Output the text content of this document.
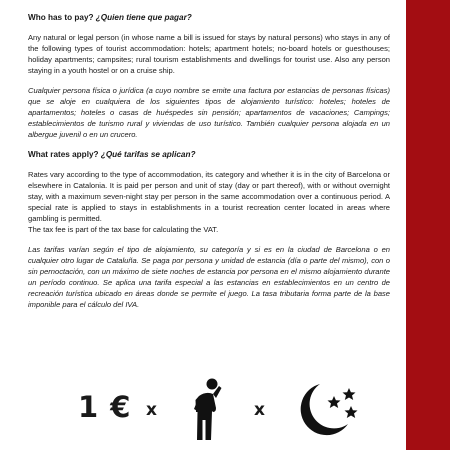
Who has to pay? ¿Quien tiene que pagar?

Any natural or legal person (in whose name a bill is issued for stays by natural persons) who stays in any of the following types of tourist accommodation: hotels; apartment hotels; no-board hotels or guesthouses; holiday apartments; campsites; rural tourism establishments and dwellings for tourist use. Also any person staying in a youth hostel or on a cruise ship.

Cualquier persona física o jurídica (a cuyo nombre se emite una factura por estancias de personas físicas) que se aloje en cualquiera de los siguientes tipos de alojamiento turístico: hoteles; hoteles de apartamentos; hoteles o casas de huéspedes sin pensión; apartamentos de vacaciones; Campings; establecimientos de turismo rural y viviendas de uso turístico. También cualquier persona alojada en un albergue juvenil o en un crucero.

What rates apply? ¿Qué tarifas se aplican?

Rates vary according to the type of accommodation, its category and whether it is in the city of Barcelona or elsewhere in Catalonia. It is paid per person and unit of stay (day or part thereof), with or without overnight stay, with a maximum seven-night stay per person in the same accommodation over a continuous period. A special rate is applied to stays in establishments in a tourist recreation center located in areas where gambling is permitted.

The tax fee is part of the tax base for calculating the VAT.

Las tarifas varían según el tipo de alojamiento, su categoría y si es en la ciudad de Barcelona o en cualquier otro lugar de Cataluña. Se paga por persona y unidad de estancia (día o parte del mismo), con o sin pernoctación, con un máximo de siete noches de estancia por persona en el mismo alojamiento durante un período continuo. Se aplica una tarifa especial a las estancias en establecimientos en un centro de recreación turística ubicado en áreas donde se permite el juego. La tasa tributaria forma parte de la base imponible para el cálculo del IVA.

1 € x	x
